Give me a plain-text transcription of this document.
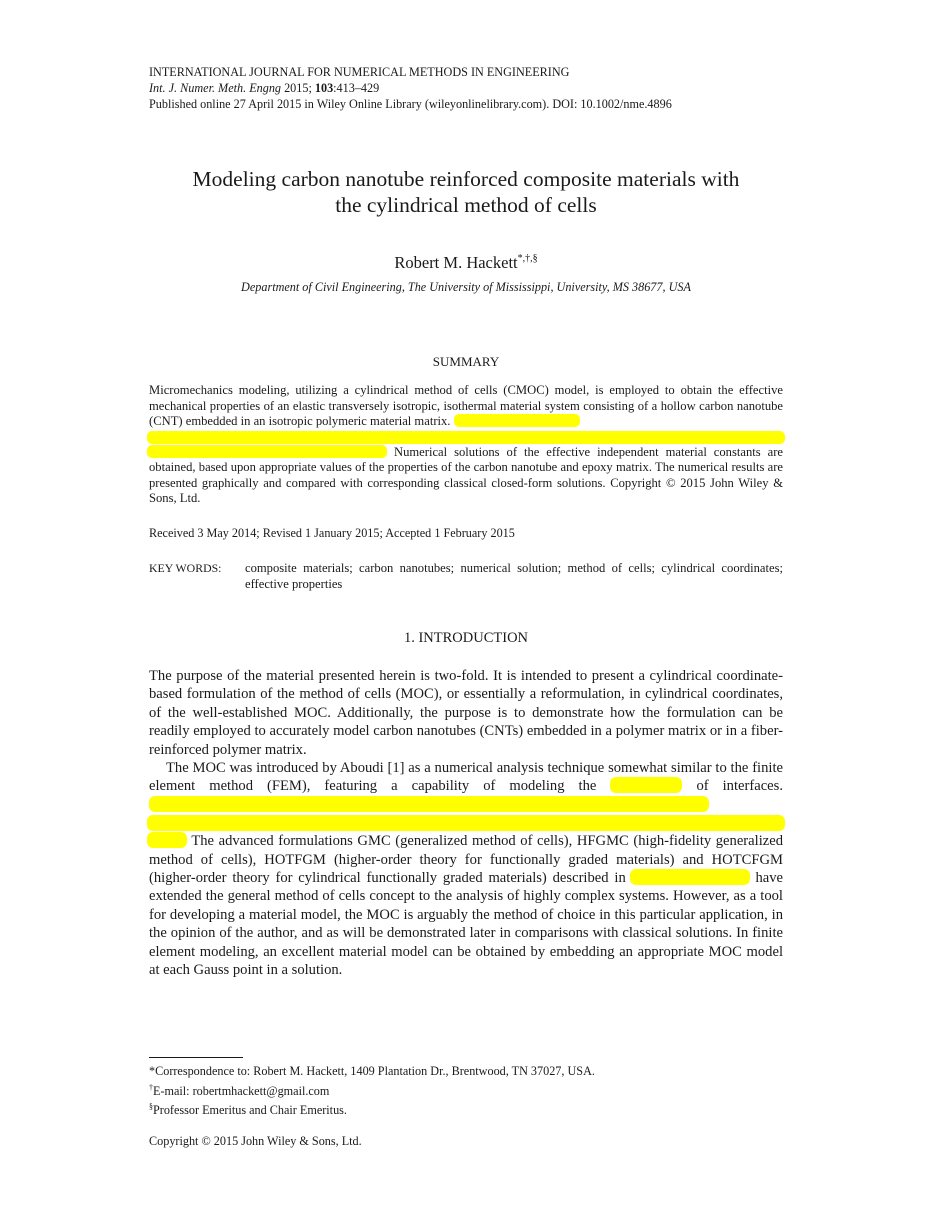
INTERNATIONAL JOURNAL FOR NUMERICAL METHODS IN ENGINEERING
Int. J. Numer. Meth. Engng 2015; 103:413–429
Published online 27 April 2015 in Wiley Online Library (wileyonlinelibrary.com). DOI: 10.1002/nme.4896
Modeling carbon nanotube reinforced composite materials with
the cylindrical method of cells
Robert M. Hackett*,†,§
Department of Civil Engineering, The University of Mississippi, University, MS 38677, USA
SUMMARY

Micromechanics modeling, utilizing a cylindrical method of cells (CMOC) model, is employed to obtain the effective mechanical properties of an elastic transversely isotropic, isothermal material system consisting of a hollow carbon nanotube (CNT) embedded in an isotropic polymeric material matrix.
Numerical solutions of the effective independent material constants are obtained, based upon appropriate values of the properties of the carbon nanotube and epoxy matrix. The numerical results are presented graphically and compared with corresponding classical closed-form solutions. Copyright © 2015 John Wiley & Sons, Ltd.

Received 3 May 2014; Revised 1 January 2015; Accepted 1 February 2015
KEY WORDS: composite materials; carbon nanotubes; numerical solution; method of cells; cylindrical coordinates; effective properties
1. INTRODUCTION

The purpose of the material presented herein is two-fold. It is intended to present a cylindrical coordinate-based formulation of the method of cells (MOC), or essentially a reformulation, in cylindrical coordinates, of the well-established MOC. Additionally, the purpose is to demonstrate how the formulation can be readily employed to accurately model carbon nanotubes (CNTs) embedded in a polymer matrix or in a fiber-reinforced polymer matrix.

The MOC was introduced by Aboudi [1] as a numerical analysis technique somewhat similar to the finite element method (FEM), featuring a capability of modeling the	of interfaces.
The advanced formulations GMC (generalized method of cells), HFGMC (high-fidelity generalized method of cells), HOTFGM (higher-order theory for functionally graded materials) and HOTCFGM (higher-order theory for cylindrical functionally graded materials) described in	have extended the general method of cells concept to the analysis of highly complex systems. However, as a tool for developing a material model, the MOC is arguably the method of choice in this particular application, in the opinion of the author, and as will be demonstrated later in comparisons with classical solutions. In finite element modeling, an excellent material model can be obtained by embedding an appropriate MOC model at each Gauss point in a solution.

*Correspondence to: Robert M. Hackett, 1409 Plantation Dr., Brentwood, TN 37027, USA.
†E-mail: robertmhackett@gmail.com
§Professor Emeritus and Chair Emeritus.
Copyright © 2015 John Wiley & Sons, Ltd.
